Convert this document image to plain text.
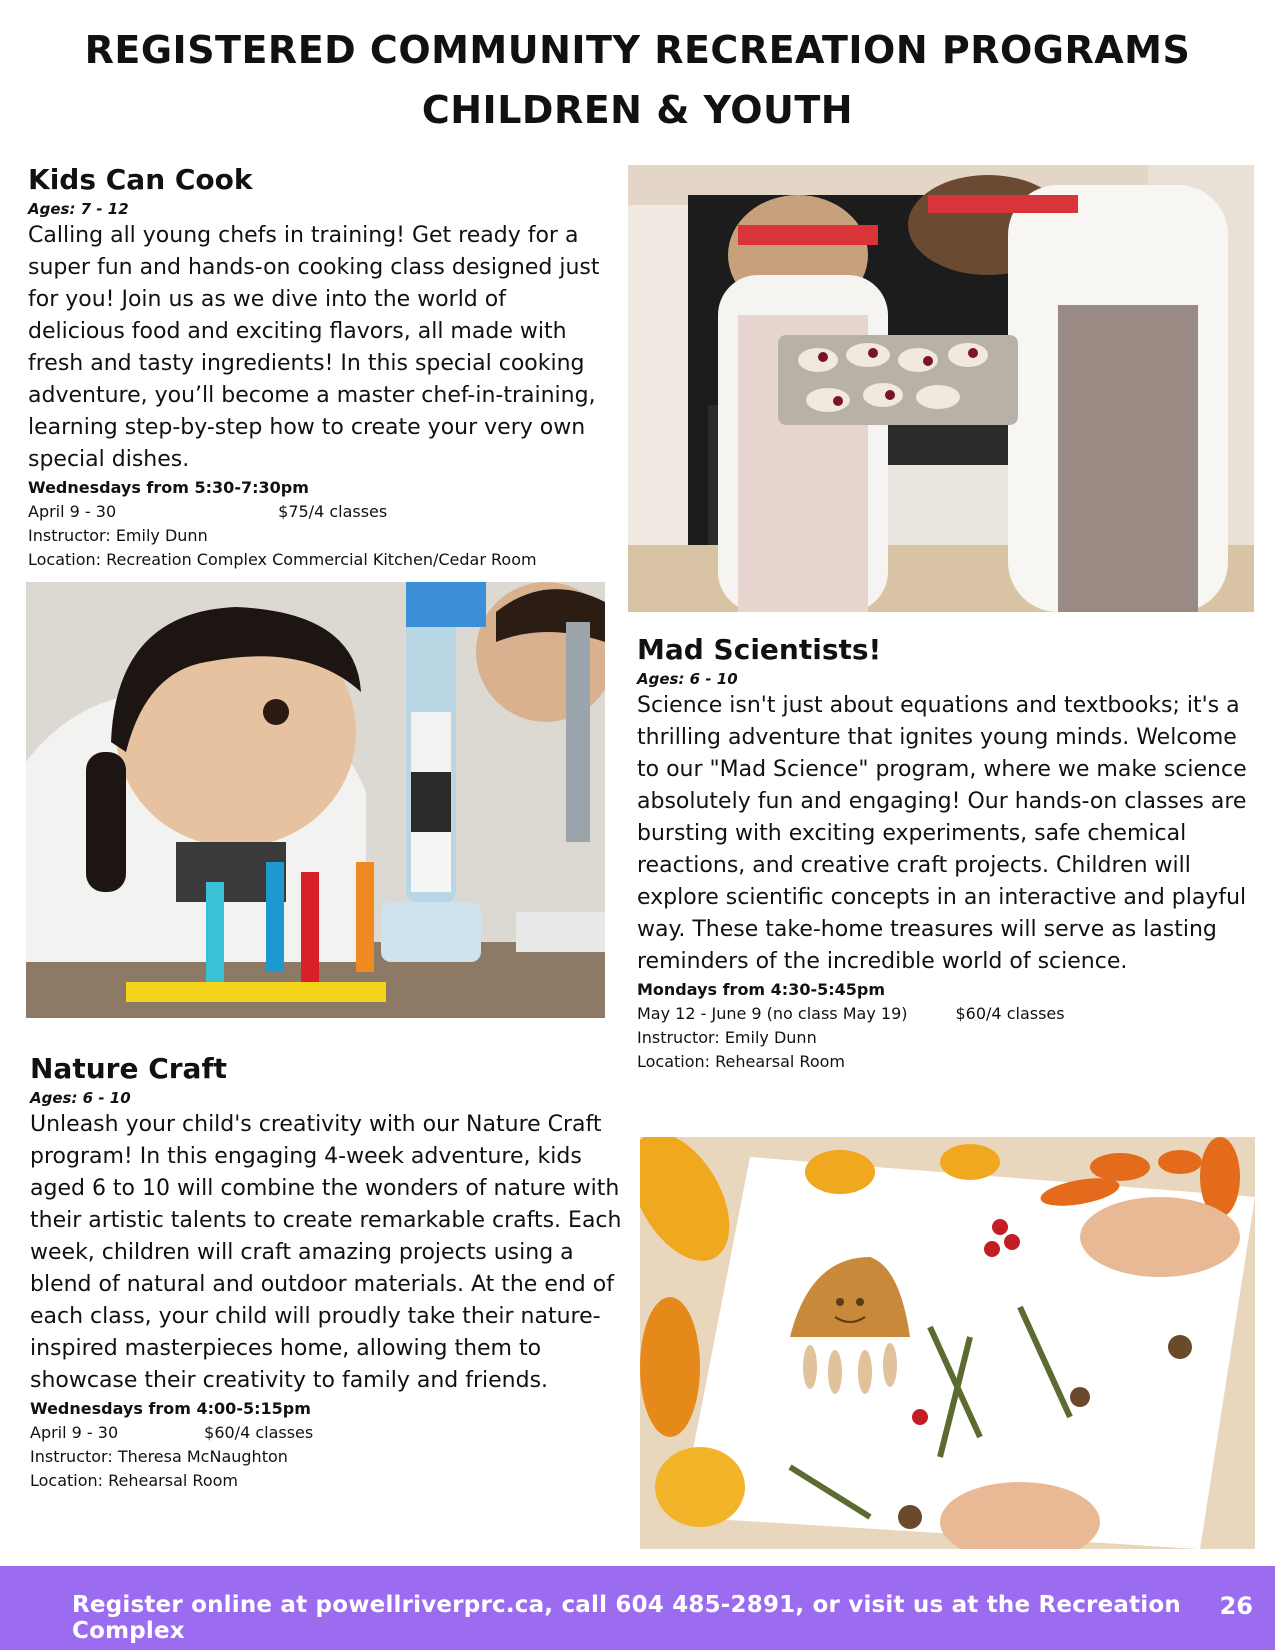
REGISTERED COMMUNITY RECREATION PROGRAMS
CHILDREN & YOUTH
Kids Can Cook
Ages: 7 - 12

Calling all young chefs in training! Get ready for a super fun and hands-on cooking class designed just for you! Join us as we dive into the world of delicious food and exciting flavors, all made with fresh and tasty ingredients! In this special cooking adventure, you’ll become a master chef-in-training, learning step-by-step how to create your very own special dishes.

Wednesdays from 5:30-7:30pm
April 9 - 30	$75/4 classes
Instructor: Emily Dunn
Location: Recreation Complex Commercial Kitchen/Cedar Room
Mad Scientists!
Ages: 6 - 10

Science isn't just about equations and textbooks; it's a thrilling adventure that ignites young minds. Welcome to our "Mad Science" program, where we make science absolutely fun and engaging! Our hands-on classes are bursting with exciting experiments, safe chemical reactions, and creative craft projects. Children will explore scientific concepts in an interactive and playful way. These take-home treasures will serve as lasting reminders of the incredible world of science.

Mondays from 4:30-5:45pm
May 12 - June 9 (no class May 19)	$60/4 classes
Instructor: Emily Dunn
Location: Rehearsal Room
Nature Craft
Ages: 6 - 10

Unleash your child's creativity with our Nature Craft program! In this engaging 4-week adventure, kids aged 6 to 10 will combine the wonders of nature with their artistic talents to create remarkable crafts. Each week, children will craft amazing projects using a blend of natural and outdoor materials. At the end of each class, your child will proudly take their nature-inspired masterpieces home, allowing them to showcase their creativity to family and friends.

Wednesdays from 4:00-5:15pm
April 9 - 30	$60/4 classes
Instructor: Theresa McNaughton
Location: Rehearsal Room
Register online at powellriverprc.ca, call 604 485-2891, or visit us at the Recreation Complex
26
